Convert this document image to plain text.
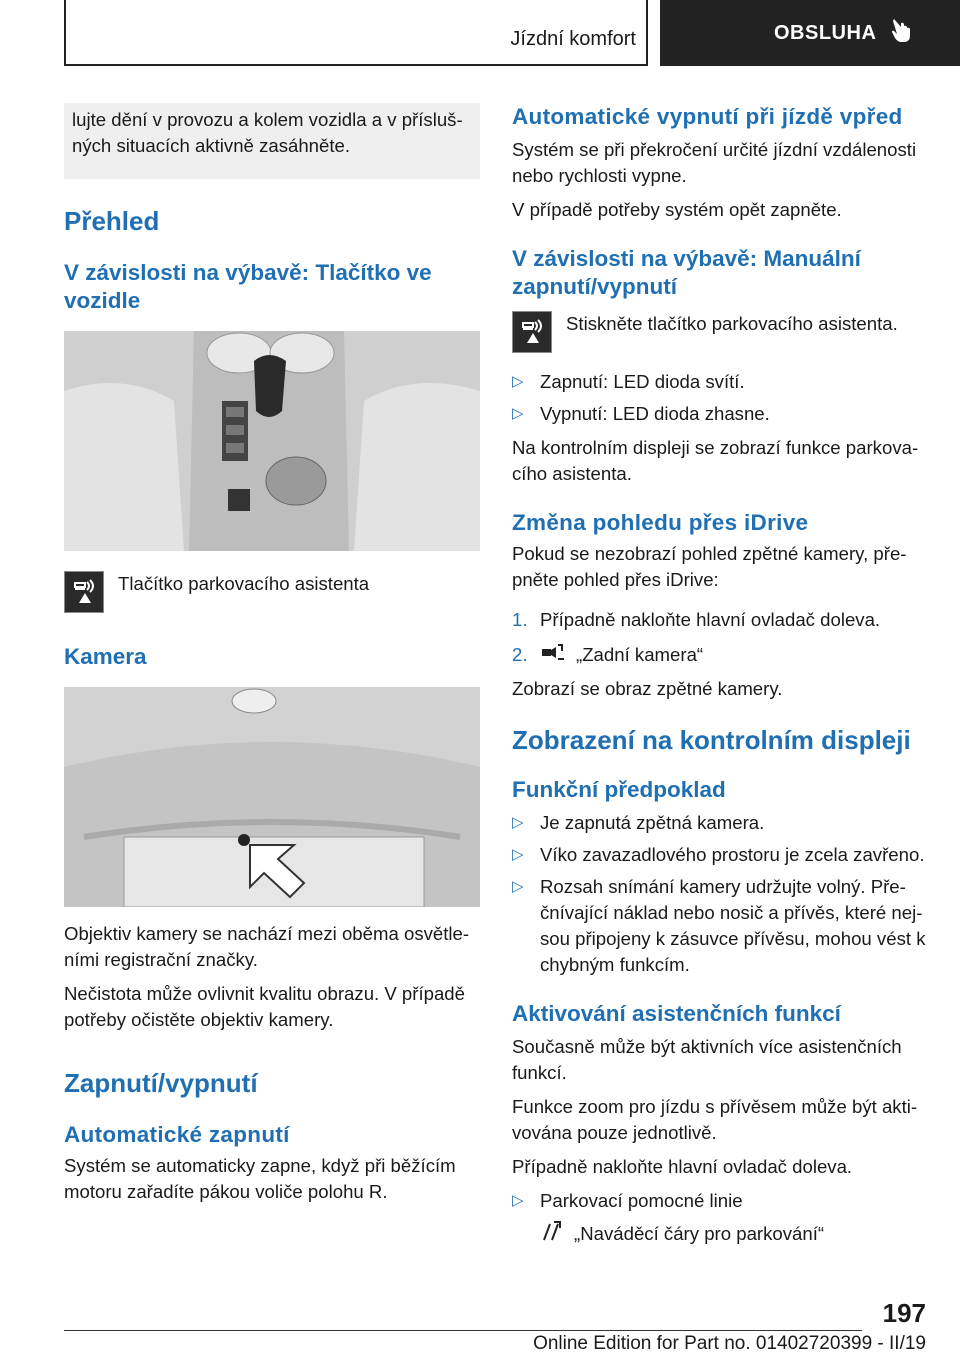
Jízdní komfort	OBSLUHA

lujte dění v provozu a kolem vozidla a v příslušných situacích aktivně zasáhněte.

Přehled
V závislosti na výbavě: Tlačítko ve vozidle

Tlačítko parkovacího asistenta

Kamera

Objektiv kamery se nachází mezi oběma osvětleními registrační značky.

Nečistota může ovlivnit kvalitu obrazu. V případě potřeby očistěte objektiv kamery.

Zapnutí/vypnutí
Automatické zapnutí

Systém se automaticky zapne, když při běžícím motoru zařadíte pákou voliče polohu R.

Automatické vypnutí při jízdě vpřed

Systém se při překročení určité jízdní vzdálenosti nebo rychlosti vypne.

V případě potřeby systém opět zapněte.

V závislosti na výbavě: Manuální zapnutí/vypnutí

Stiskněte tlačítko parkovacího asistenta.

▷ Zapnutí: LED dioda svítí.

▷ Vypnutí: LED dioda zhasne.

Na kontrolním displeji se zobrazí funkce parkovacího asistenta.

Změna pohledu přes iDrive

Pokud se nezobrazí pohled zpětné kamery, přepněte pohled přes iDrive:

1. Případně nakloňte hlavní ovladač doleva.

2.	„Zadní kamera“

Zobrazí se obraz zpětné kamery.

Zobrazení na kontrolním displeji
Funkční předpoklad
▷ Je zapnutá zpětná kamera.

▷ Víko zavazadlového prostoru je zcela zavřeno.

▷ Rozsah snímání kamery udržujte volný. Přečnívající náklad nebo nosič a přívěs, které nejsou připojeny k zásuvce přívěsu, mohou vést k chybným funkcím.

Aktivování asistenčních funkcí

Současně může být aktivních více asistenčních funkcí.

Funkce zoom pro jízdu s přívěsem může být aktivována pouze jednotlivě.

Případně nakloňte hlavní ovladač doleva.

▷ Parkovací pomocné linie

„Naváděcí čáry pro parkování“

197
Online Edition for Part no. 01402720399 - II/19
